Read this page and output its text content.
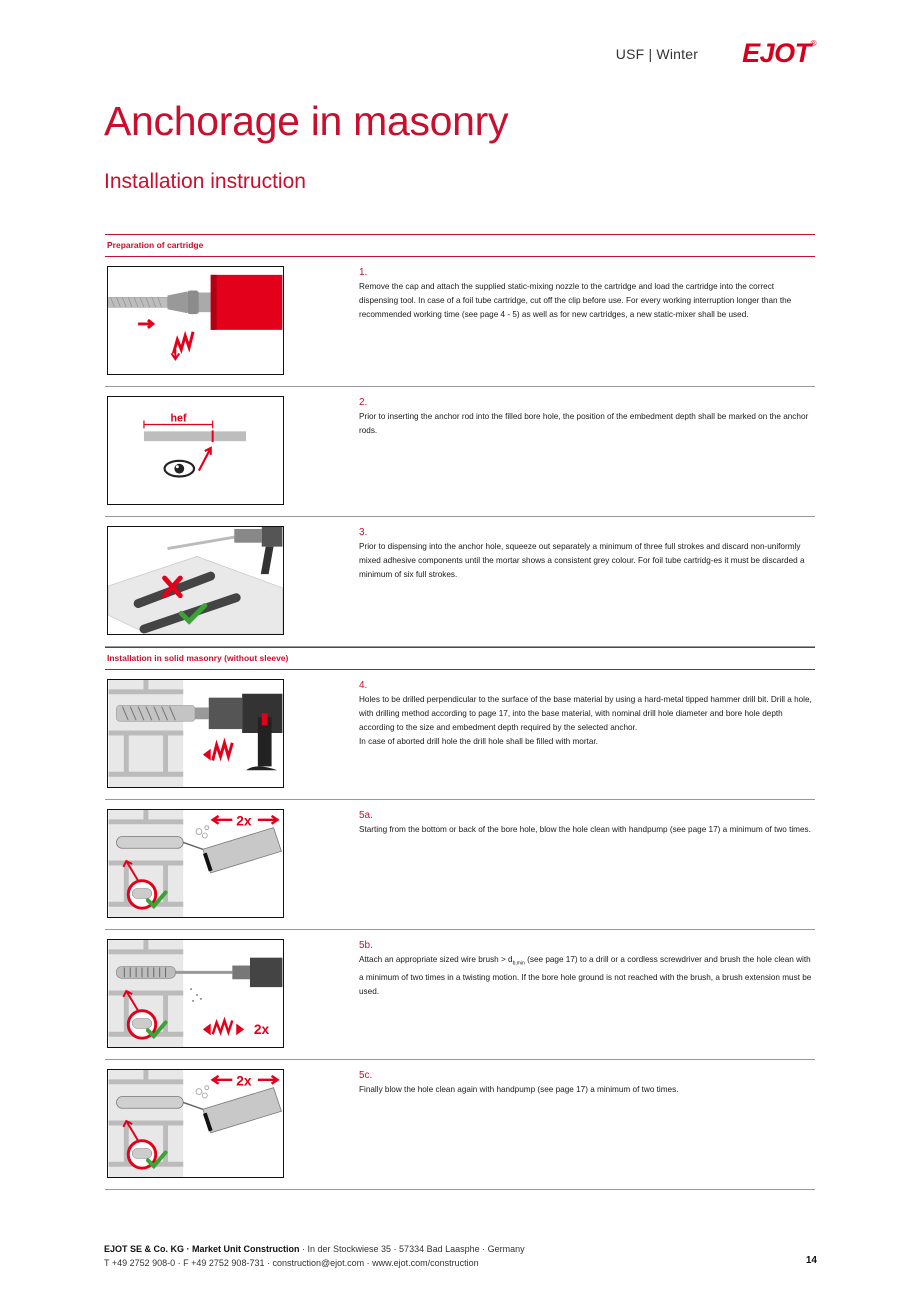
USF | Winter EJOT®
Anchorage in masonry
Installation instruction
Preparation of cartridge
1.
Remove the cap and attach the supplied static-mixing nozzle to the cartridge and load the cartridge into the correct dispensing tool. In case of a foil tube cartridge, cut off the clip before use. For every working interruption longer than the recommended working time (see page 4 - 5) as well as for new cartridges, a new static-mixer shall be used.
hef
2.
Prior to inserting the anchor rod into the filled bore hole, the position of the embedment depth shall be marked on the anchor rods.
3.
Prior to dispensing into the anchor hole, squeeze out separately a minimum of three full strokes and discard non-uniformly mixed adhesive components until the mortar shows a consistent grey colour. For foil tube cartridg-es it must be discarded a minimum of six full strokes.
Installation in solid masonry (without sleeve)
4.
Holes to be drilled perpendicular to the surface of the base material by using a hard-metal tipped hammer drill bit. Drill a hole, with drilling method according to page 17, into the base material, with nominal drill hole diameter and bore hole depth according to the size and embedment depth required by the selected anchor.
In case of aborted drill hole the drill hole shall be filled with mortar.
2x	5a.
Starting from the bottom or back of the bore hole, blow the hole clean with handpump (see page 17) a minimum of two times.
2x
5b.
Attach an appropriate sized wire brush > $d_{b,min}$ (see page 17) to a drill or a cordless screwdriver and brush the hole clean with a minimum of two times in a twisting motion. If the bore hole ground is not reached with the brush, a brush extension must be used.
2x	5c.
Finally blow the hole clean again with handpump (see page 17) a minimum of two times.
EJOT SE & Co. KG · Market Unit Construction · In der Stockwiese 35 · 57334 Bad Laasphe · Germany
T +49 2752 908-0 · F +49 2752 908-731 · construction@ejot.com · www.ejot.com/construction	14
